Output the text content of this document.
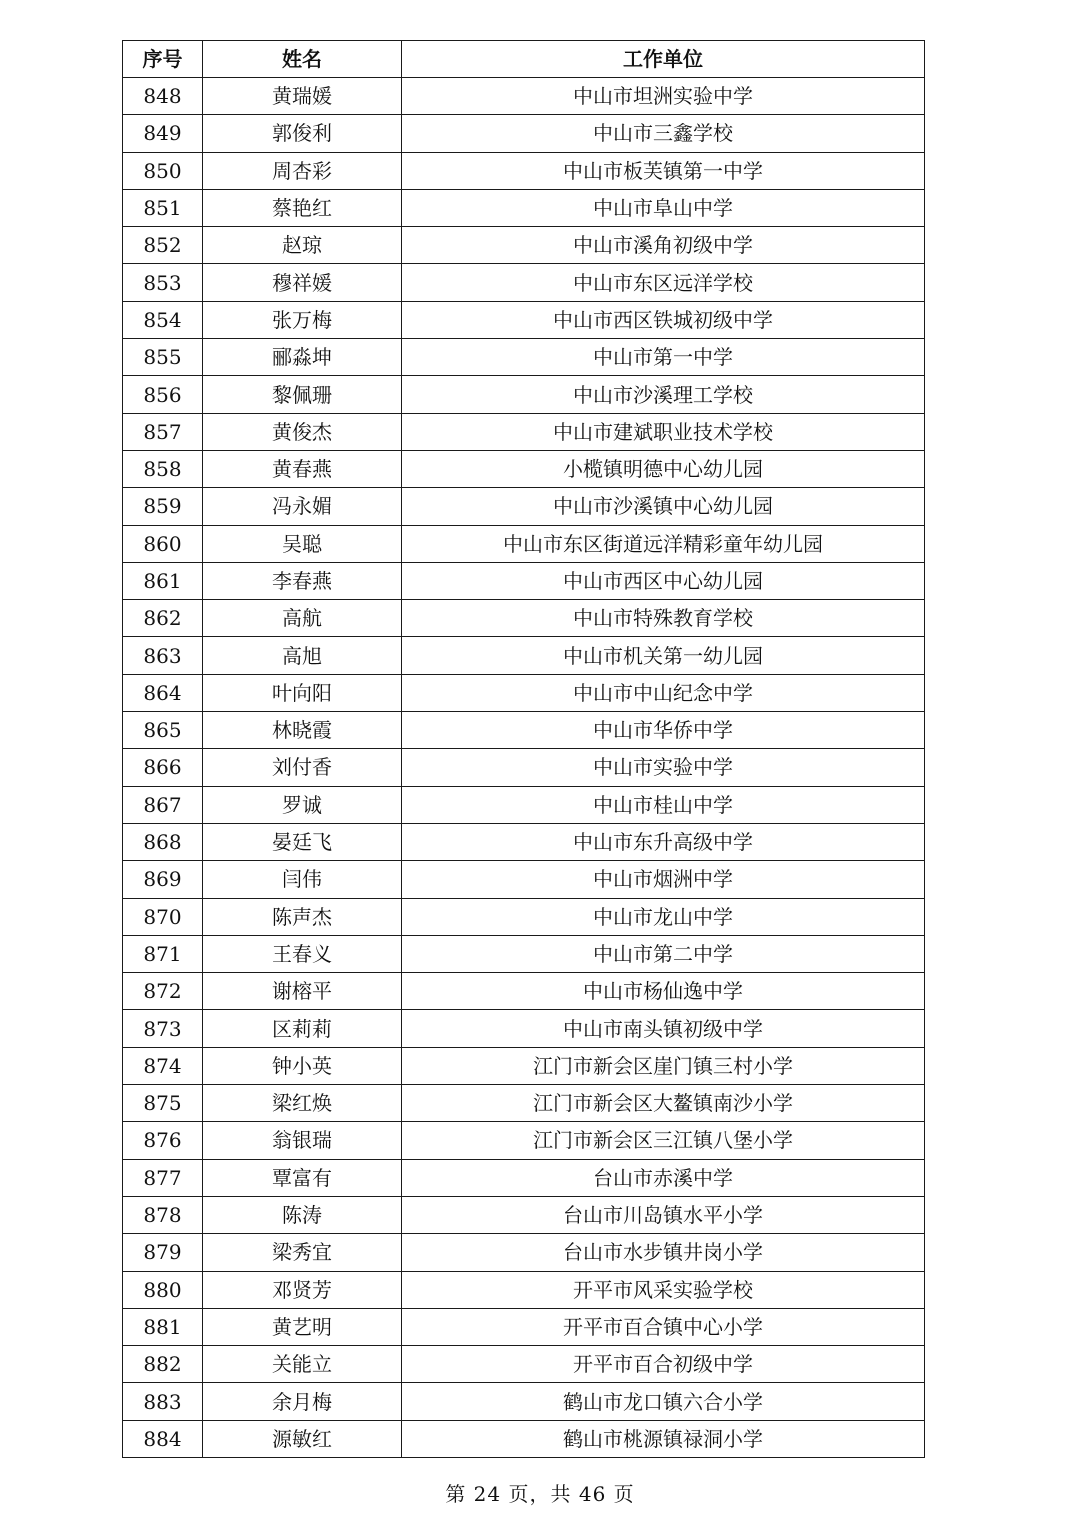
序号	姓名	工作单位
848	黄瑞媛	中山市坦洲实验中学
849	郭俊利	中山市三鑫学校
850	周杏彩	中山市板芙镇第一中学
851	蔡艳红	中山市阜山中学
852	赵琼	中山市溪角初级中学
853	穆祥媛	中山市东区远洋学校
854	张万梅	中山市西区铁城初级中学
855	郦淼坤	中山市第一中学
856	黎佩珊	中山市沙溪理工学校
857	黄俊杰	中山市建斌职业技术学校
858	黄春燕	小榄镇明德中心幼儿园
859	冯永媚	中山市沙溪镇中心幼儿园
860	吴聪	中山市东区街道远洋精彩童年幼儿园
861	李春燕	中山市西区中心幼儿园
862	高航	中山市特殊教育学校
863	高旭	中山市机关第一幼儿园
864	叶向阳	中山市中山纪念中学
865	林晓霞	中山市华侨中学
866	刘付香	中山市实验中学
867	罗诚	中山市桂山中学
868	晏廷飞	中山市东升高级中学
869	闫伟	中山市烟洲中学
870	陈声杰	中山市龙山中学
871	王春义	中山市第二中学
872	谢榕平	中山市杨仙逸中学
873	区莉莉	中山市南头镇初级中学
874	钟小英	江门市新会区崖门镇三村小学
875	梁红焕	江门市新会区大鳌镇南沙小学
876	翁银瑞	江门市新会区三江镇八堡小学
877	覃富有	台山市赤溪中学
878	陈涛	台山市川岛镇水平小学
879	梁秀宜	台山市水步镇井岗小学
880	邓贤芳	开平市风采实验学校
881	黄艺明	开平市百合镇中心小学
882	关能立	开平市百合初级中学
883	余月梅	鹤山市龙口镇六合小学
884	源敏红	鹤山市桃源镇禄洞小学
第 24 页，共 46 页
